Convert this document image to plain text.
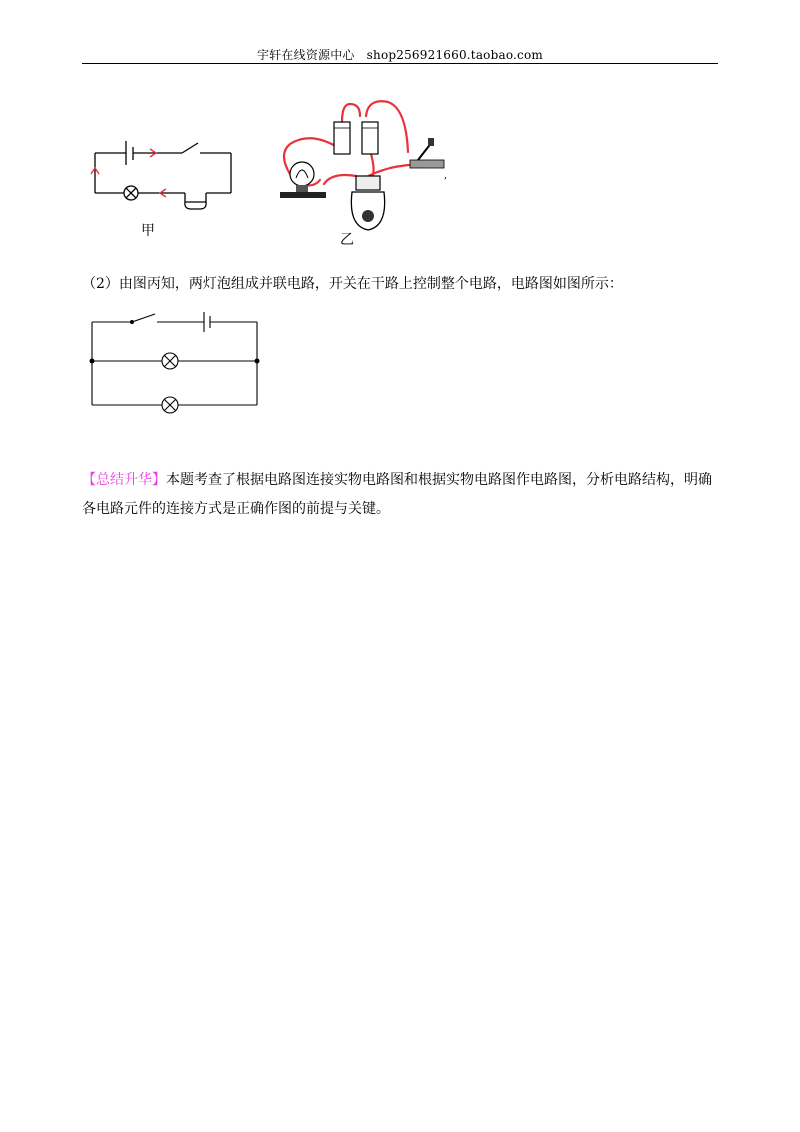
宇轩在线资源中心 shop256921660.taobao.com
甲
,
乙
（2）由图丙知，两灯泡组成并联电路，开关在干路上控制整个电路，电路图如图所示：
【总结升华】本题考查了根据电路图连接实物电路图和根据实物电路图作电路图，分析电路结构，明确各电路元件的连接方式是正确作图的前提与关键。
